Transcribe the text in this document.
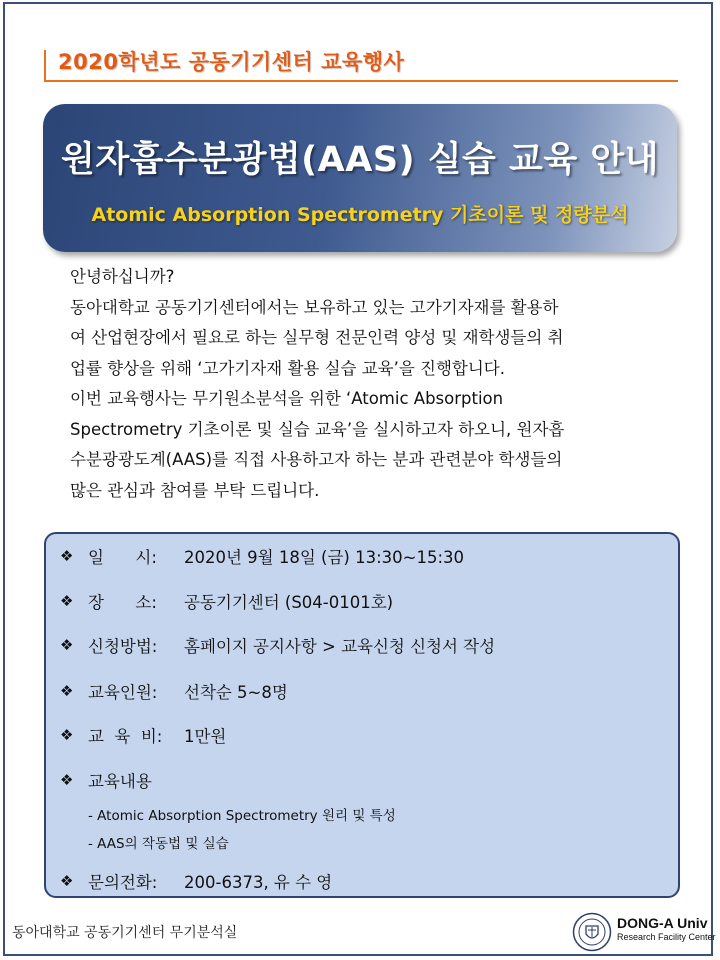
2020학년도 공동기기센터 교육행사
원자흡수분광법(AAS) 실습 교육 안내
Atomic Absorption Spectrometry 기초이론 및 정량분석

안녕하십니까?

동아대학교 공동기기센터에서는 보유하고 있는 고가기자재를 활용하

여 산업현장에서 필요로 하는 실무형 전문인력 양성 및 재학생들의 취

업률 향상을 위해 ‘고가기자재 활용 실습 교육’을 진행합니다.

이번 교육행사는 무기원소분석을 위한 ‘Atomic Absorption

Spectrometry 기초이론 및 실습 교육’을 실시하고자 하오니, 원자흡

수분광광도계(AAS)를 직접 사용하고자 하는 분과 관련분야 학생들의

많은 관심과 참여를 부탁 드립니다.

❖ 일      시:	2020년 9월 18일 (금) 13:30~15:30
❖ 장      소:	공동기기센터 (S04-0101호)
❖ 신청방법:	홈페이지 공지사항 > 교육신청 신청서 작성
❖ 교육인원:	선착순 5~8명
❖ 교  육  비:	1만원
❖ 교육내용
- Atomic Absorption Spectrometry 원리 및 특성
- AAS의 작동법 및 실습
❖ 문의전화:	200-6373, 유 수 영
동아대학교 공동기기센터 무기분석실
DONG-A Univ
Research Facility Center
